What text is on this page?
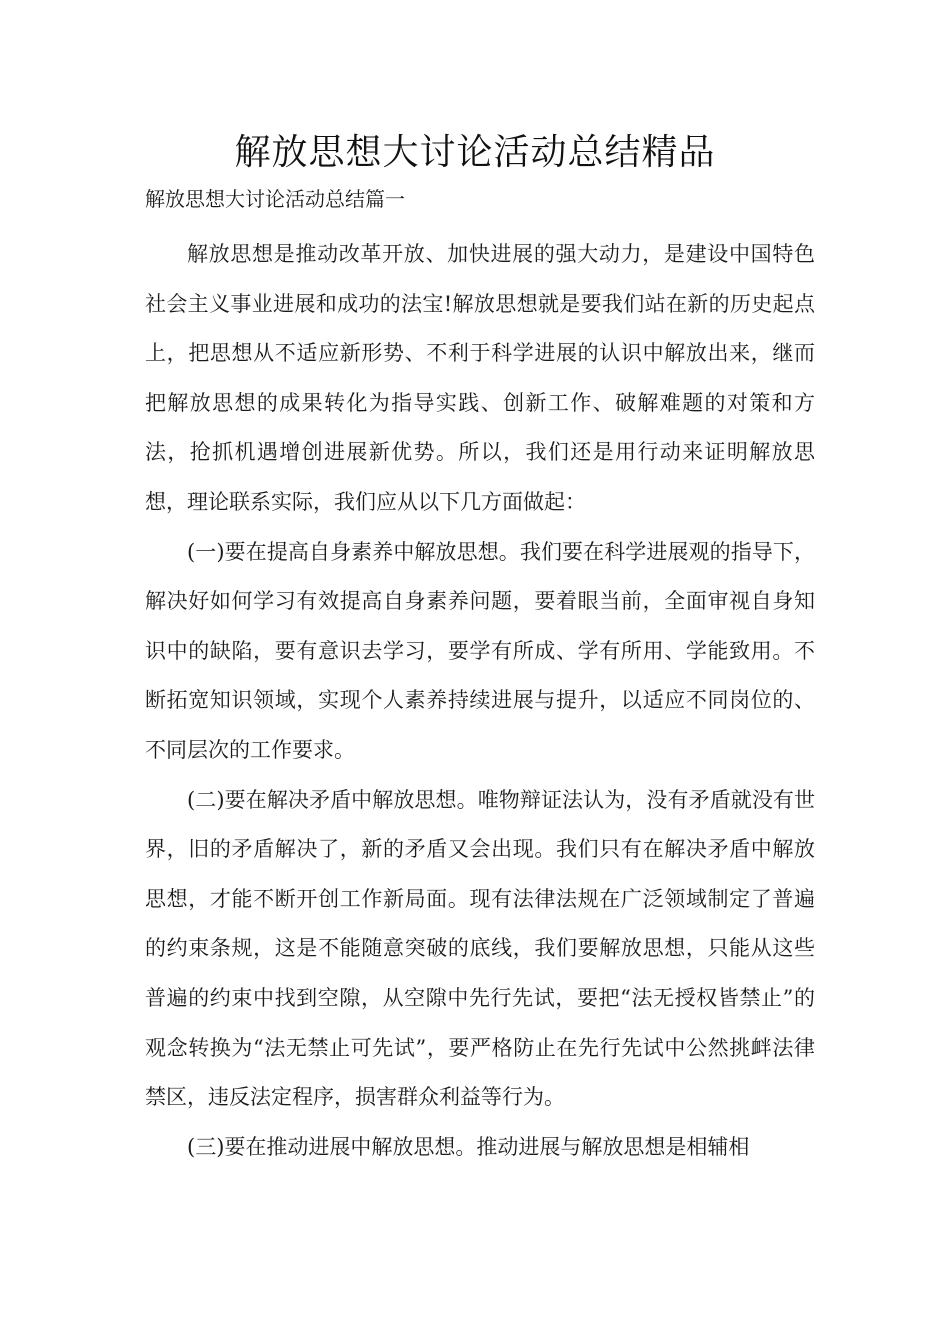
解放思想大讨论活动总结精品

解放思想大讨论活动总结篇一

解放思想是推动改革开放、加快进展的强大动力，是建设中国特色社会主义事业进展和成功的法宝!解放思想就是要我们站在新的历史起点上，把思想从不适应新形势、不利于科学进展的认识中解放出来，继而把解放思想的成果转化为指导实践、创新工作、破解难题的对策和方法，抢抓机遇增创进展新优势。所以，我们还是用行动来证明解放思想，理论联系实际，我们应从以下几方面做起：

(一)要在提高自身素养中解放思想。我们要在科学进展观的指导下，解决好如何学习有效提高自身素养问题，要着眼当前，全面审视自身知识中的缺陷，要有意识去学习，要学有所成、学有所用、学能致用。不断拓宽知识领域，实现个人素养持续进展与提升，以适应不同岗位的、不同层次的工作要求。

(二)要在解决矛盾中解放思想。唯物辩证法认为，没有矛盾就没有世界，旧的矛盾解决了，新的矛盾又会出现。我们只有在解决矛盾中解放思想，才能不断开创工作新局面。现有法律法规在广泛领域制定了普遍的约束条规，这是不能随意突破的底线，我们要解放思想，只能从这些普遍的约束中找到空隙，从空隙中先行先试，要把“法无授权皆禁止”的观念转换为“法无禁止可先试”，要严格防止在先行先试中公然挑衅法律禁区，违反法定程序，损害群众利益等行为。

(三)要在推动进展中解放思想。推动进展与解放思想是相辅相
